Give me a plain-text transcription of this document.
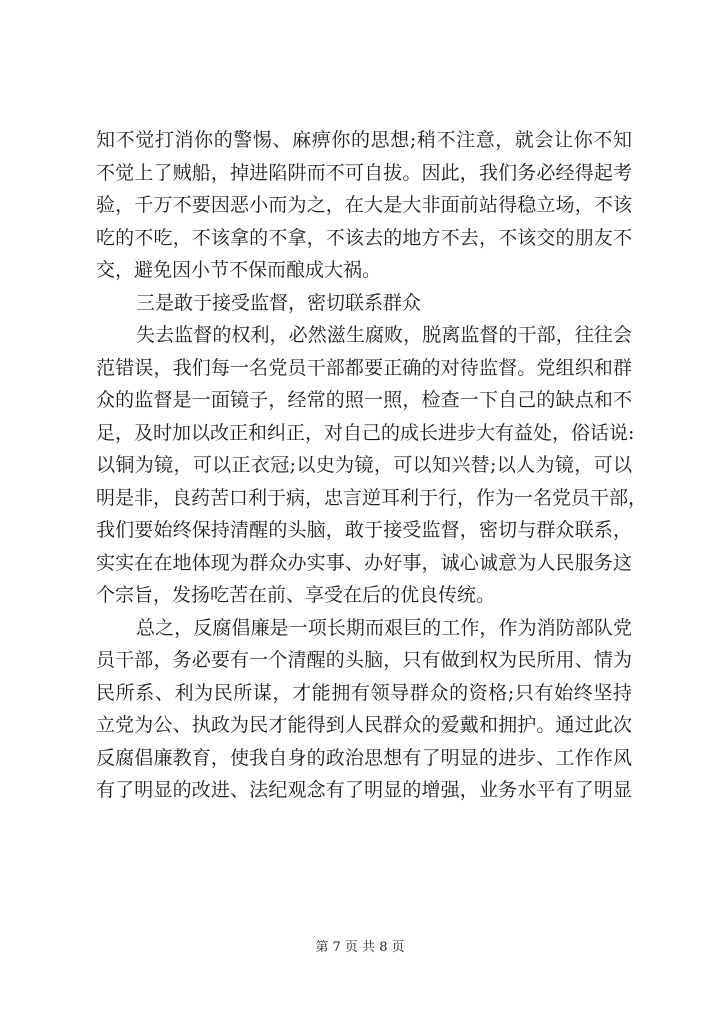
知不觉打消你的警惕、麻痹你的思想;稍不注意，就会让你不知
不觉上了贼船，掉进陷阱而不可自拔。因此，我们务必经得起考
验，千万不要因恶小而为之，在大是大非面前站得稳立场，不该
吃的不吃，不该拿的不拿，不该去的地方不去，不该交的朋友不
交，避免因小节不保而酿成大祸。
三是敢于接受监督，密切联系群众
失去监督的权利，必然滋生腐败，脱离监督的干部，往往会
范错误，我们每一名党员干部都要正确的对待监督。党组织和群
众的监督是一面镜子，经常的照一照，检查一下自己的缺点和不
足，及时加以改正和纠正，对自己的成长进步大有益处，俗话说:
以铜为镜，可以正衣冠;以史为镜，可以知兴替;以人为镜，可以
明是非，良药苦口利于病，忠言逆耳利于行，作为一名党员干部，
我们要始终保持清醒的头脑，敢于接受监督，密切与群众联系，
实实在在地体现为群众办实事、办好事，诚心诚意为人民服务这
个宗旨，发扬吃苦在前、享受在后的优良传统。
总之，反腐倡廉是一项长期而艰巨的工作，作为消防部队党
员干部，务必要有一个清醒的头脑，只有做到权为民所用、情为
民所系、利为民所谋，才能拥有领导群众的资格;只有始终坚持
立党为公、执政为民才能得到人民群众的爱戴和拥护。通过此次
反腐倡廉教育，使我自身的政治思想有了明显的进步、工作作风
有了明显的改进、法纪观念有了明显的增强，业务水平有了明显
第 7 页 共 8 页
